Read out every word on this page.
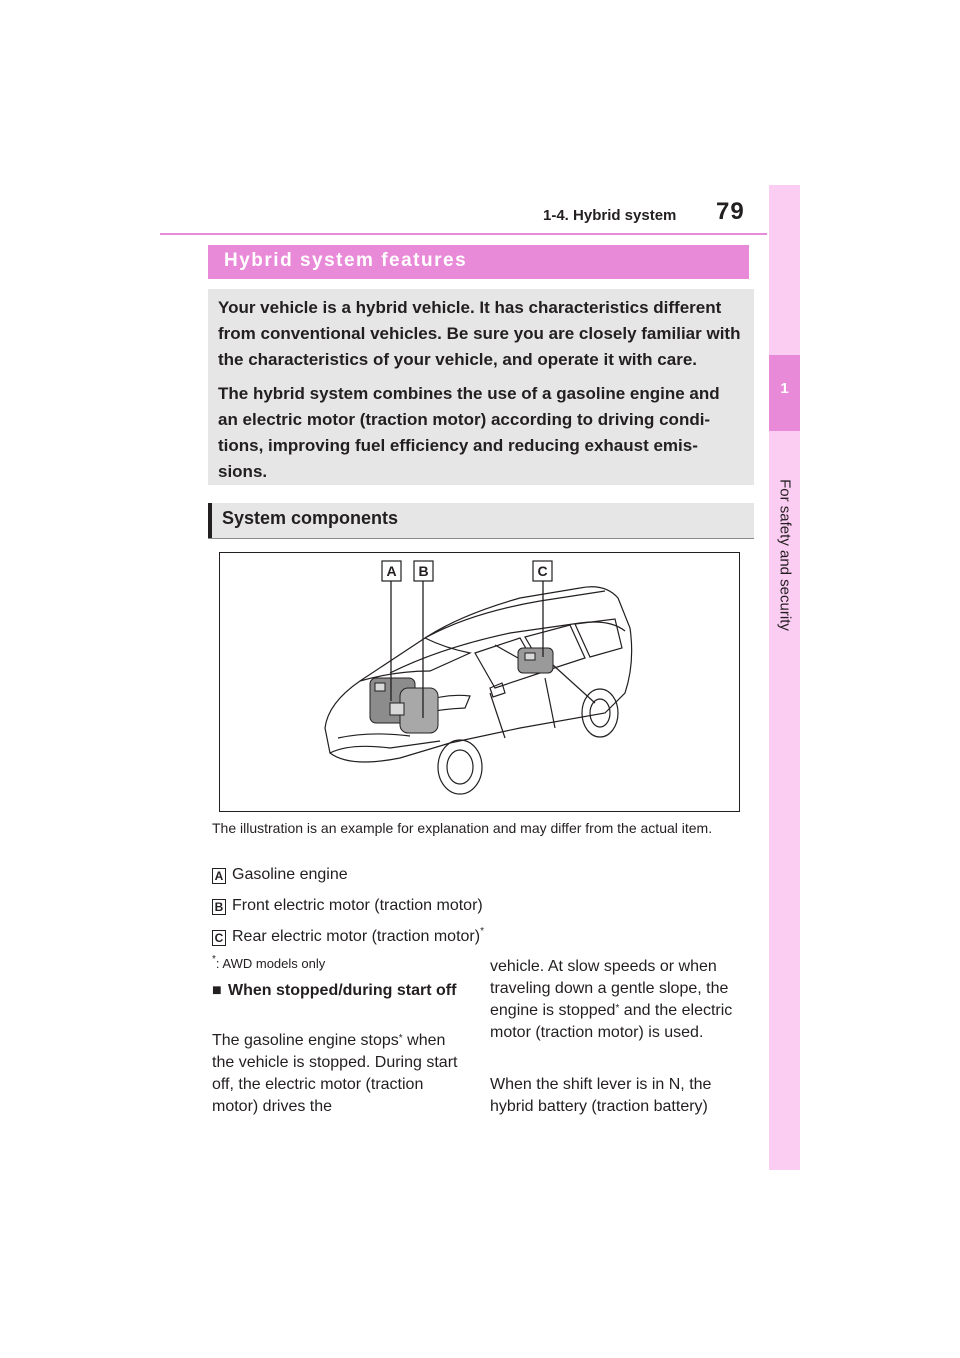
1-4. Hybrid system 79
1
For safety and security
Hybrid system features

Your vehicle is a hybrid vehicle. It has characteristics different from conventional vehicles. Be sure you are closely familiar with the characteristics of your vehicle, and operate it with care.

The hybrid system combines the use of a gasoline engine and an electric motor (traction motor) according to driving condi-tions, improving fuel efficiency and reducing exhaust emis-sions.

System components
A B	C
The illustration is an example for explanation and may differ from the actual item.
A Gasoline engine
B Front electric motor (traction motor)
C Rear electric motor (traction motor)*
*: AWD models only
■ When stopped/during start off

The gasoline engine stops* when the vehicle is stopped. During start off, the electric motor (traction motor) drives the

vehicle. At slow speeds or when traveling down a gentle slope, the engine is stopped* and the electric motor (traction motor) is used.

When the shift lever is in N, the hybrid battery (traction battery)
